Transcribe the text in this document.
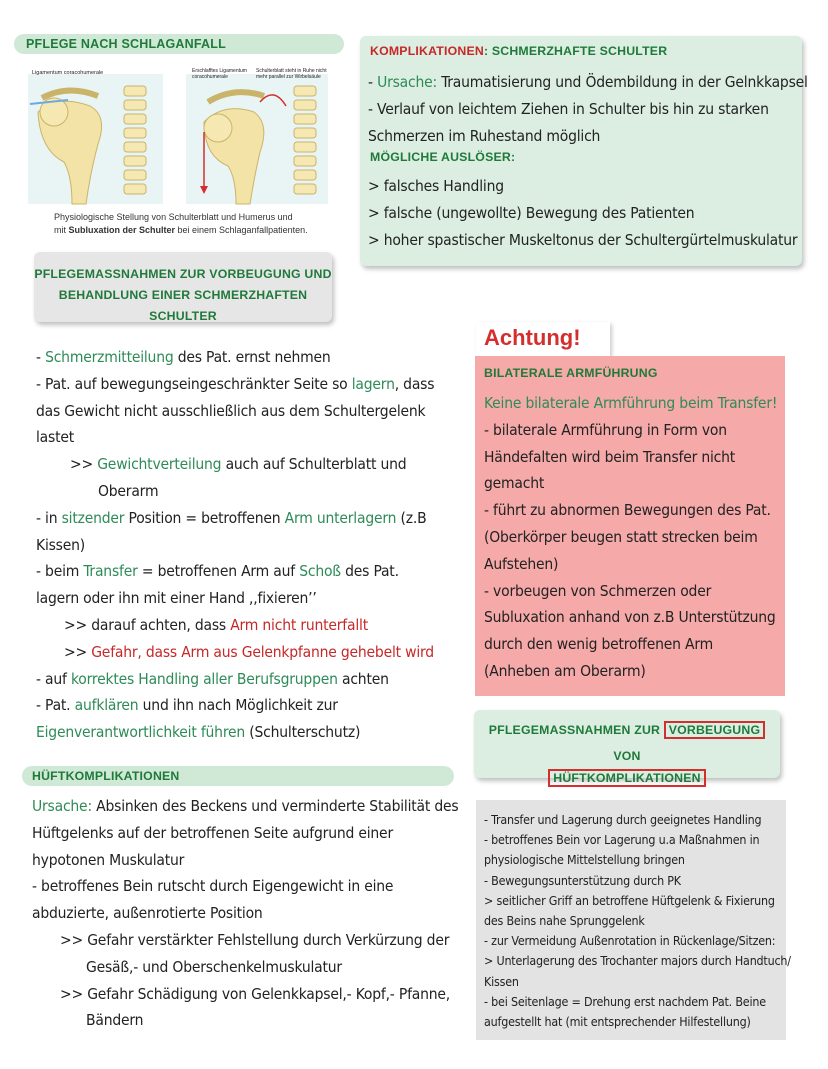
PFLEGE NACH SCHLAGANFALL
Ligamentum coracohumerale	Erschlafftes Ligamentum coracohumerale
Schulterblatt steht in Ruhe nicht mehr parallel zur Wirbelsäule
Physiologische Stellung von Schulterblatt und Humerus und
mit Subluxation der Schulter bei einem Schlaganfallpatienten.
PFLEGEMASSNAHMEN ZUR VORBEUGUNG UND
BEHANDLUNG EINER SCHMERZHAFTEN SCHULTER
- Schmerzmitteilung des Pat. ernst nehmen
- Pat. auf bewegungseingeschränkter Seite so lagern, dass
das Gewicht nicht ausschließlich aus dem Schultergelenk
lastet
>> Gewichtverteilung auch auf Schulterblatt und
Oberarm
- in sitzender Position = betroffenen Arm unterlagern (z.B
Kissen)
- beim Transfer = betroffenen Arm auf Schoß des Pat.
lagern oder ihn mit einer Hand ,,fixieren’’
>> darauf achten, dass Arm nicht runterfallt
>> Gefahr, dass Arm aus Gelenkpfanne gehebelt wird
- auf korrektes Handling aller Berufsgruppen achten
- Pat. aufklären und ihn nach Möglichkeit zur
Eigenverantwortlichkeit führen (Schulterschutz)
HÜFTKOMPLIKATIONEN
Ursache: Absinken des Beckens und verminderte Stabilität des
Hüftgelenks auf der betroffenen Seite aufgrund einer
hypotonen Muskulatur
- betroffenes Bein rutscht durch Eigengewicht in eine
abduzierte, außenrotierte Position
>> Gefahr verstärkter Fehlstellung durch Verkürzung der
Gesäß,- und Oberschenkelmuskulatur
>> Gefahr Schädigung von Gelenkkapsel,- Kopf,- Pfanne,
Bändern
KOMPLIKATIONEN: SCHMERZHAFTE SCHULTER
- Ursache: Traumatisierung und Ödembildung in der Gelnkkapsel
- Verlauf von leichtem Ziehen in Schulter bis hin zu starken
Schmerzen im Ruhestand möglich
MÖGLICHE AUSLÖSER:
> falsches Handling
> falsche (ungewollte) Bewegung des Patienten
> hoher spastischer Muskeltonus der Schultergürtelmuskulatur
Achtung!
BILATERALE ARMFÜHRUNG
Keine bilaterale Armführung beim Transfer!
- bilaterale Armführung in Form von
Händefalten wird beim Transfer nicht
gemacht
- führt zu abnormen Bewegungen des Pat.
(Oberkörper beugen statt strecken beim
Aufstehen)
- vorbeugen von Schmerzen oder
Subluxation anhand von z.B Unterstützung
durch den wenig betroffenen Arm
(Anheben am Oberarm)
PFLEGEMASSNAHMEN ZUR VORBEUGUNG VON
HÜFTKOMPLIKATIONEN
- Transfer und Lagerung durch geeignetes Handling
- betroffenes Bein vor Lagerung u.a Maßnahmen in
physiologische Mittelstellung bringen
- Bewegungsunterstützung durch PK
> seitlicher Griff an betroffene Hüftgelenk & Fixierung
des Beins nahe Sprunggelenk
- zur Vermeidung Außenrotation in Rückenlage/Sitzen:
> Unterlagerung des Trochanter majors durch Handtuch/
Kissen
- bei Seitenlage = Drehung erst nachdem Pat. Beine
aufgestellt hat (mit entsprechender Hilfestellung)
